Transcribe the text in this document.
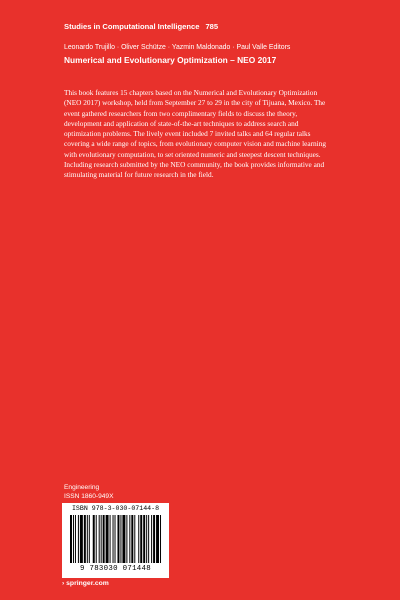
Studies in Computational Intelligence 785
Leonardo Trujillo · Oliver Schütze · Yazmin Maldonado · Paul Valle Editors
Numerical and Evolutionary Optimization – NEO 2017

This book features 15 chapters based on the Numerical and Evolutionary Optimization (NEO 2017) workshop, held from September 27 to 29 in the city of Tijuana, Mexico. The event gathered researchers from two complimentary fields to discuss the theory, development and application of state-of-the-art techniques to address search and optimization problems. The lively event included 7 invited talks and 64 regular talks covering a wide range of topics, from evolutionary computer vision and machine learning with evolutionary computation, to set oriented numeric and steepest descent techniques. Including research submitted by the NEO community, the book provides informative and stimulating material for future research in the field.

Engineering
ISSN 1860-949X
ISBN 978-3-030-07144-8
9 783030 071448
› springer.com
